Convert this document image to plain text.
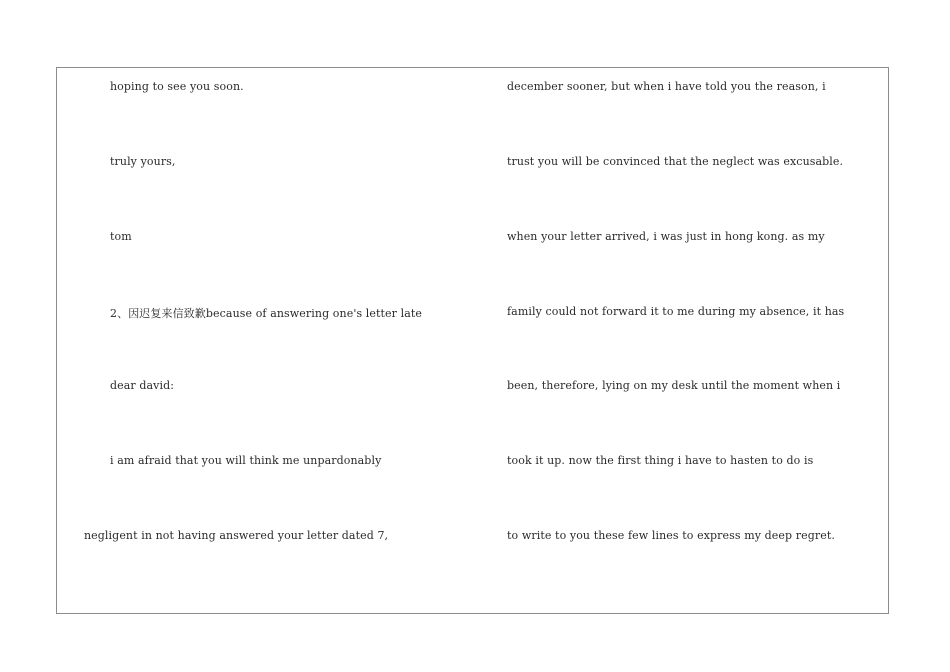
hoping to see you soon.
truly yours,
tom
2、因迟复来信致歉because of answering one's letter late
dear david:
i am afraid that you will think me unpardonably
negligent in not having answered your letter dated 7,
december sooner, but when i have told you the reason, i
trust you will be convinced that the neglect was excusable.
when your letter arrived, i was just in hong kong. as my
family could not forward it to me during my absence, it has
been, therefore, lying on my desk until the moment when i
took it up. now the first thing i have to hasten to do is
to write to you these few lines to express my deep regret.
